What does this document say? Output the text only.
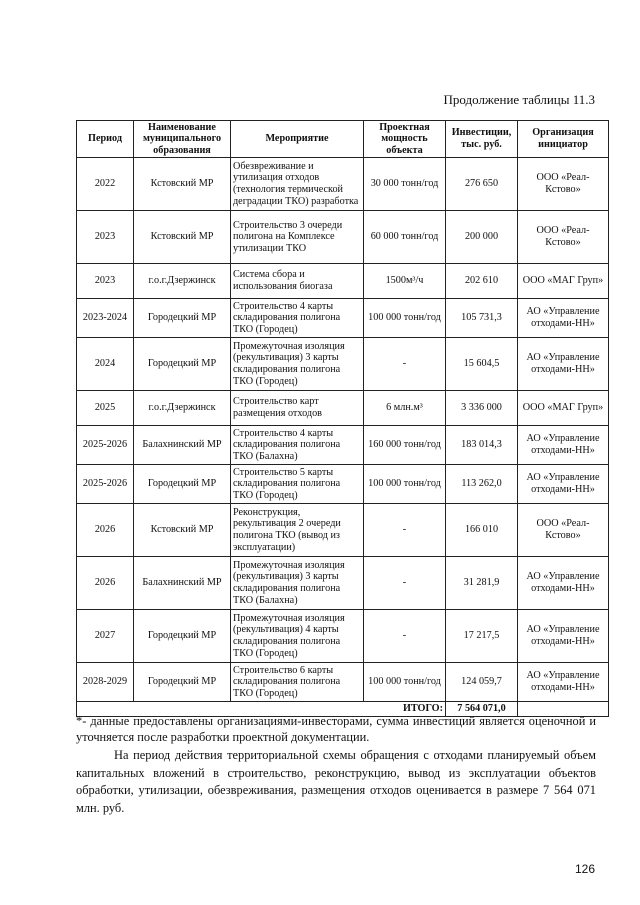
Продолжение таблицы 11.3
Период	Наименование муниципального образования	Мероприятие	Проектная мощность объекта	Инвестиции, тыс. руб.	Организация инициатор
2022	Кстовский МР	Обезвреживание и утилизация отходов (технология термической деградации ТКО) разработка	30 000 тонн/год	276 650	ООО «Реал-Кстово»
2023	Кстовский МР	Строительство 3 очереди полигона на Комплексе утилизации ТКО	60 000 тонн/год	200 000	ООО «Реал-Кстово»
2023	г.о.г.Дзержинск	Система сбора и использования биогаза	1500м³/ч	202 610	ООО «МАГ Груп»
2023-2024	Городецкий МР	Строительство 4 карты складирования полигона ТКО (Городец)	100 000 тонн/год	105 731,3	АО «Управление отходами-НН»
2024	Городецкий МР	Промежуточная изоляция (рекультивация) 3 карты складирования полигона ТКО (Городец)	-	15 604,5	АО «Управление отходами-НН»
2025	г.о.г.Дзержинск	Строительство карт размещения отходов	6 млн.м³	3 336 000	ООО «МАГ Груп»
2025-2026	Балахнинский МР	Строительство 4 карты складирования полигона ТКО (Балахна)	160 000 тонн/год	183 014,3	АО «Управление отходами-НН»
2025-2026	Городецкий МР	Строительство 5 карты складирования полигона ТКО (Городец)	100 000 тонн/год	113 262,0	АО «Управление отходами-НН»
2026	Кстовский МР	Реконструкция, рекультивация 2 очереди полигона ТКО (вывод из эксплуатации)	-	166 010	ООО «Реал-Кстово»
2026	Балахнинский МР	Промежуточная изоляция (рекультивация) 3 карты складирования полигона ТКО (Балахна)	-	31 281,9	АО «Управление отходами-НН»
2027	Городецкий МР	Промежуточная изоляция (рекультивация) 4 карты складирования полигона ТКО (Городец)	-	17 217,5	АО «Управление отходами-НН»
2028-2029	Городецкий МР	Строительство 6 карты складирования полигона ТКО (Городец)	100 000 тонн/год	124 059,7	АО «Управление отходами-НН»
ИТОГО:				7 564 071,0	
*- данные предоставлены организациями-инвесторами, сумма инвестиций является оценочной и уточняется после разработки проектной документации.
На период действия территориальной схемы обращения с отходами планируемый объем капитальных вложений в строительство, реконструкцию, вывод из эксплуатации объектов обработки, утилизации, обезвреживания, размещения отходов оценивается в размере 7 564 071 млн. руб.
126
